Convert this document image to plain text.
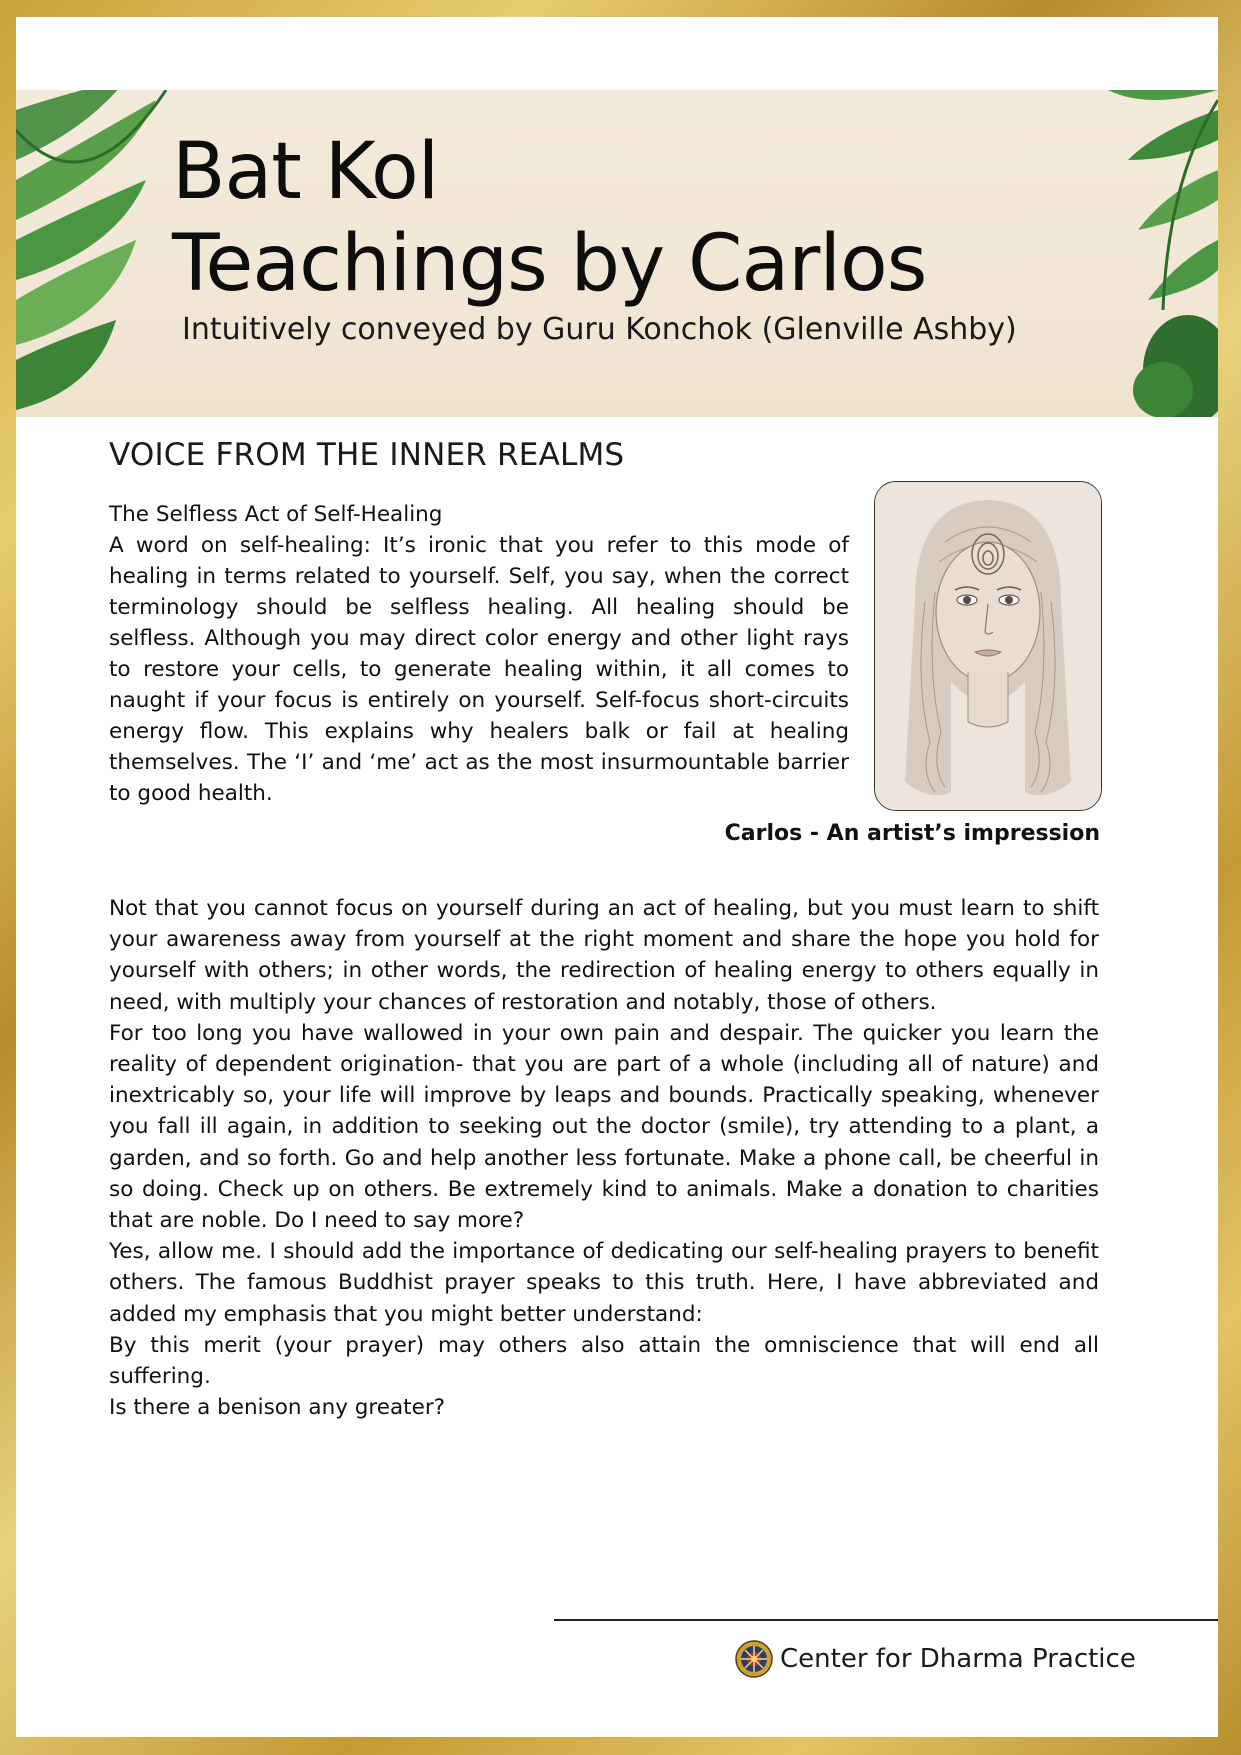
Bat Kol
Teachings by Carlos

Intuitively conveyed by Guru Konchok (Glenville Ashby)

VOICE FROM THE INNER REALMS

The Selfless Act of Self-Healing

A word on self-healing: It’s ironic that you refer to this mode of healing in terms related to yourself. Self, you say, when the correct terminology should be selfless healing. All healing should be selfless. Although you may direct color energy and other light rays to restore your cells, to generate healing within, it all comes to naught if your focus is entirely on yourself. Self-focus short-circuits energy flow. This explains why healers balk or fail at healing themselves. The ‘I’ and ‘me’ act as the most insurmountable barrier to good health.

Carlos - An artist’s impression

Not that you cannot focus on yourself during an act of healing, but you must learn to shift your awareness away from yourself at the right moment and share the hope you hold for yourself with others; in other words, the redirection of healing energy to others equally in need, with multiply your chances of restoration and notably, those of others.

For too long you have wallowed in your own pain and despair. The quicker you learn the reality of dependent origination- that you are part of a whole (including all of nature) and inextricably so, your life will improve by leaps and bounds. Practically speaking, whenever you fall ill again, in addition to seeking out the doctor (smile), try attending to a plant, a garden, and so forth. Go and help another less fortunate. Make a phone call, be cheerful in so doing. Check up on others. Be extremely kind to animals. Make a donation to charities that are noble. Do I need to say more?

Yes, allow me. I should add the importance of dedicating our self-healing prayers to benefit others. The famous Buddhist prayer speaks to this truth. Here, I have abbreviated and added my emphasis that you might better understand:

By this merit (your prayer) may others also attain the omniscience that will end all suffering.

Is there a benison any greater?

Center for Dharma Practice
